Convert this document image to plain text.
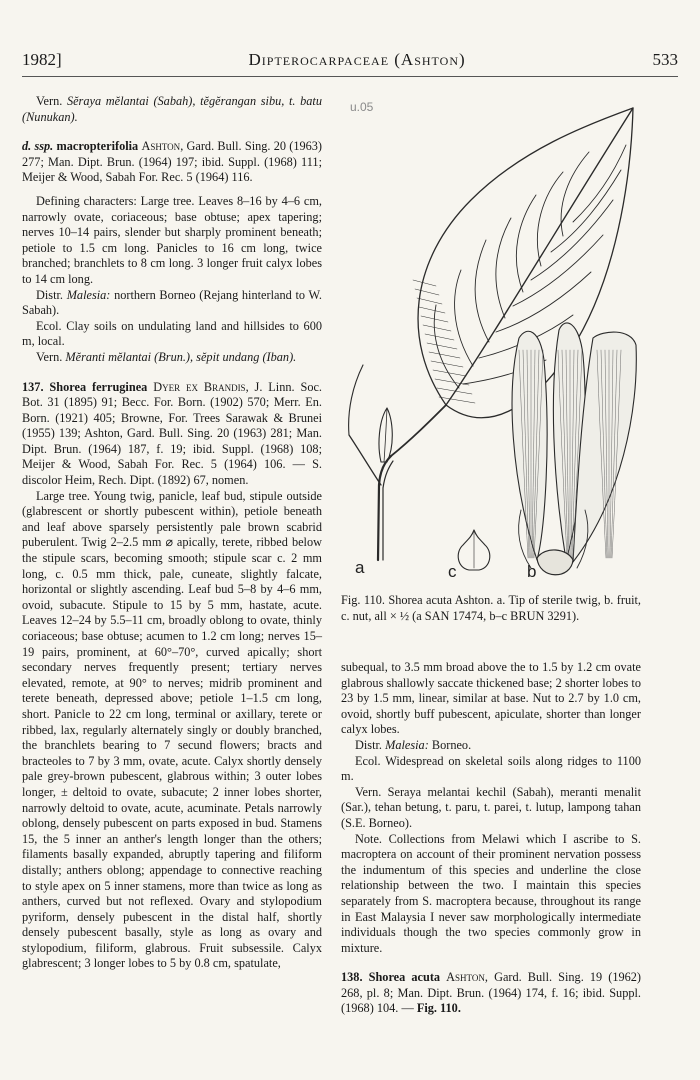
1982]	Dipterocarpaceae (Ashton)	533

Vern. Sĕraya mĕlantai (Sabah), tĕgĕrangan sibu, t. batu (Nunukan).

d. ssp. macropterifolia Ashton, Gard. Bull. Sing. 20 (1963) 277; Man. Dipt. Brun. (1964) 197; ibid. Suppl. (1968) 111; Meijer & Wood, Sabah For. Rec. 5 (1964) 116.

Defining characters: Large tree. Leaves 8–16 by 4–6 cm, narrowly ovate, coriaceous; base obtuse; apex tapering; nerves 10–14 pairs, slender but sharply prominent beneath; petiole to 1.5 cm long. Panicles to 16 cm long, twice branched; branchlets to 8 cm long. 3 longer fruit calyx lobes to 14 cm long.

Distr. Malesia: northern Borneo (Rejang hinterland to W. Sabah).

Ecol. Clay soils on undulating land and hillsides to 600 m, local.

Vern. Mĕranti mĕlantai (Brun.), sĕpit undang (Iban).

137. Shorea ferruginea Dyer ex Brandis, J. Linn. Soc. Bot. 31 (1895) 91; Becc. For. Born. (1902) 570; Merr. En. Born. (1921) 405; Browne, For. Trees Sarawak & Brunei (1955) 139; Ashton, Gard. Bull. Sing. 20 (1963) 281; Man. Dipt. Brun. (1964) 187, f. 19; ibid. Suppl. (1968) 108; Meijer & Wood, Sabah For. Rec. 5 (1964) 106. — S. discolor Heim, Rech. Dipt. (1892) 67, nomen.

Large tree. Young twig, panicle, leaf bud, stipule outside (glabrescent or shortly pubescent within), petiole beneath and leaf above sparsely persistently pale brown scabrid puberulent. Twig 2–2.5 mm ⌀ apically, terete, ribbed below the stipule scars, becoming smooth; stipule scar c. 2 mm long, c. 0.5 mm thick, pale, cuneate, slightly falcate, horizontal or slightly ascending. Leaf bud 5–8 by 4–6 mm, ovoid, subacute. Stipule to 15 by 5 mm, hastate, acute. Leaves 12–24 by 5.5–11 cm, broadly oblong to ovate, thinly coriaceous; base obtuse; acumen to 1.2 cm long; nerves 15–19 pairs, prominent, at 60°–70°, curved apically; short secondary nerves frequently present; tertiary nerves elevated, remote, at 90° to nerves; midrib prominent and terete beneath, depressed above; petiole 1–1.5 cm long, short. Panicle to 22 cm long, terminal or axillary, terete or ribbed, lax, regularly alternately singly or doubly branched, the branchlets bearing to 7 secund flowers; bracts and bracteoles to 7 by 3 mm, ovate, acute. Calyx shortly densely pale grey-brown pubescent, glabrous within; 3 outer lobes longer, ± deltoid to ovate, subacute; 2 inner lobes shorter, narrowly deltoid to ovate, acute, acuminate. Petals narrowly oblong, densely pubescent on parts exposed in bud. Stamens 15, the 5 inner an anther's length longer than the others; filaments basally expanded, abruptly tapering and filiform distally; anthers oblong; appendage to connective reaching to style apex on 5 inner stamens, more than twice as long as anthers, curved but not reflexed. Ovary and stylopodium pyriform, densely pubescent in the distal half, shortly densely pubescent basally, style as long as ovary and stylopodium, filiform, glabrous. Fruit subsessile. Calyx glabrescent; 3 longer lobes to 5 by 0.8 cm, spatulate,

u.05
a	c	b
Fig. 110. Shorea acuta Ashton. a. Tip of sterile twig, b. fruit, c. nut, all × ½ (a SAN 17474, b–c BRUN 3291).

subequal, to 3.5 mm broad above the to 1.5 by 1.2 cm ovate glabrous shallowly saccate thickened base; 2 shorter lobes to 23 by 1.5 mm, linear, similar at base. Nut to 2.7 by 1.0 cm, ovoid, shortly buff pubescent, apiculate, shorter than longer calyx lobes.

Distr. Malesia: Borneo.

Ecol. Widespread on skeletal soils along ridges to 1100 m.

Vern. Seraya melantai kechil (Sabah), meranti menalit (Sar.), tehan betung, t. paru, t. parei, t. lutup, lampong tahan (S.E. Borneo).

Note. Collections from Melawi which I ascribe to S. macroptera on account of their prominent nervation possess the indumentum of this species and underline the close relationship between the two. I maintain this species separately from S. macroptera because, throughout its range in East Malaysia I never saw morphologically intermediate individuals though the two species commonly grow in mixture.

138. Shorea acuta Ashton, Gard. Bull. Sing. 19 (1962) 268, pl. 8; Man. Dipt. Brun. (1964) 174, f. 16; ibid. Suppl. (1968) 104. — Fig. 110.
